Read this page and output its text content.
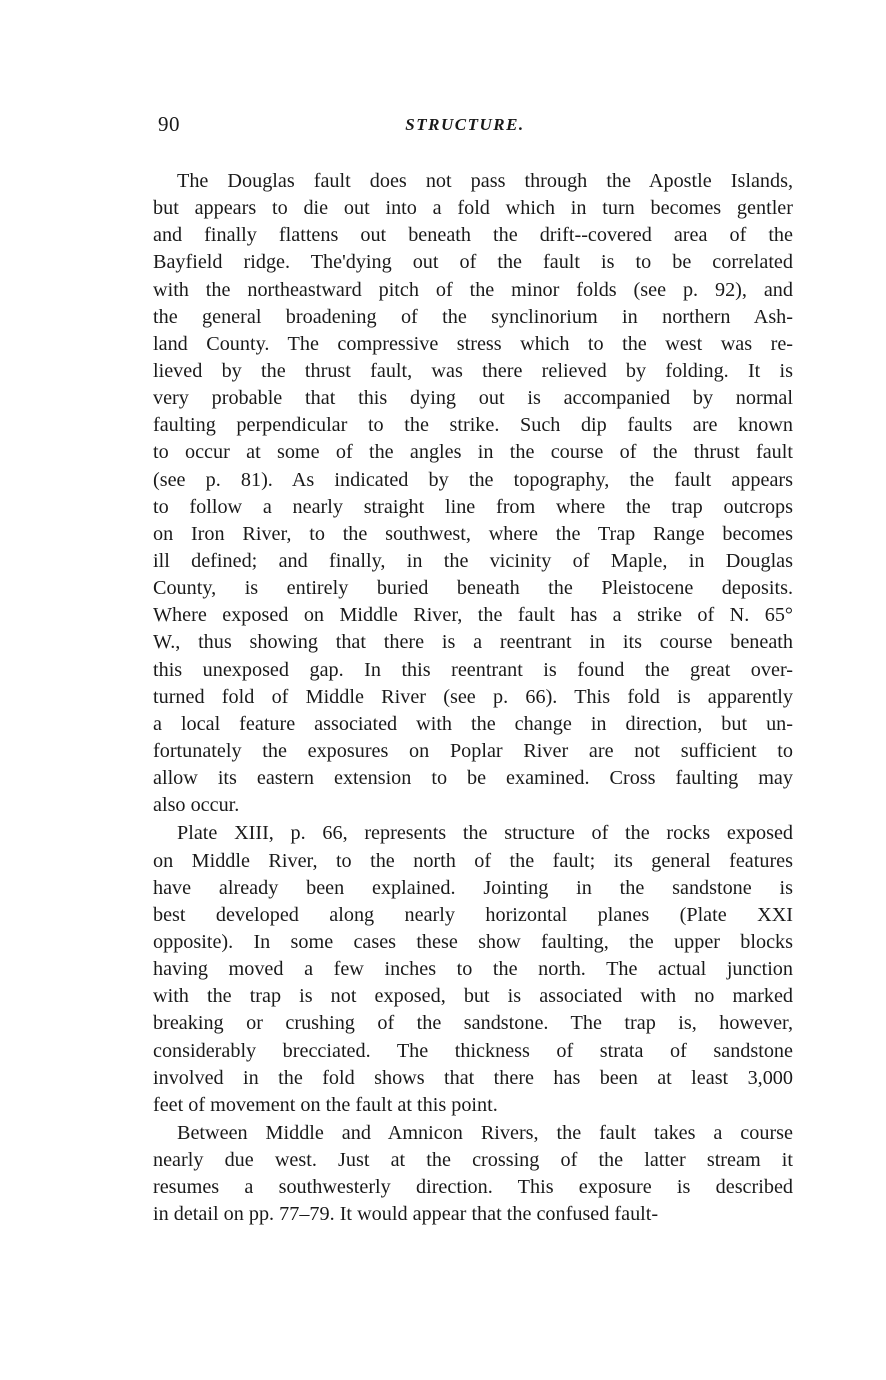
90	STRUCTURE.
The Douglas fault does not pass through the Apostle Islands,
but appears to die out into a fold which in turn becomes gentler
and finally flattens out beneath the drift--covered area of the
Bayfield ridge. The'dying out of the fault is to be correlated
with the northeastward pitch of the minor folds (see p. 92), and
the general broadening of the synclinorium in northern Ash-
land County. The compressive stress which to the west was re-
lieved by the thrust fault, was there relieved by folding. It is
very probable that this dying out is accompanied by normal
faulting perpendicular to the strike. Such dip faults are known
to occur at some of the angles in the course of the thrust fault
(see p. 81). As indicated by the topography, the fault appears
to follow a nearly straight line from where the trap outcrops
on Iron River, to the southwest, where the Trap Range becomes
ill defined; and finally, in the vicinity of Maple, in Douglas
County, is entirely buried beneath the Pleistocene deposits.
Where exposed on Middle River, the fault has a strike of N. 65°
W., thus showing that there is a reentrant in its course beneath
this unexposed gap. In this reentrant is found the great over-
turned fold of Middle River (see p. 66). This fold is apparently
a local feature associated with the change in direction, but un-
fortunately the exposures on Poplar River are not sufficient to
allow its eastern extension to be examined. Cross faulting may
also occur.
Plate XIII, p. 66, represents the structure of the rocks exposed
on Middle River, to the north of the fault; its general features
have already been explained. Jointing in the sandstone is
best developed along nearly horizontal planes (Plate XXI
opposite). In some cases these show faulting, the upper blocks
having moved a few inches to the north. The actual junction
with the trap is not exposed, but is associated with no marked
breaking or crushing of the sandstone. The trap is, however,
considerably brecciated. The thickness of strata of sandstone
involved in the fold shows that there has been at least 3,000
feet of movement on the fault at this point.
Between Middle and Amnicon Rivers, the fault takes a course
nearly due west. Just at the crossing of the latter stream it
resumes a southwesterly direction. This exposure is described
in detail on pp. 77–79. It would appear that the confused fault-
